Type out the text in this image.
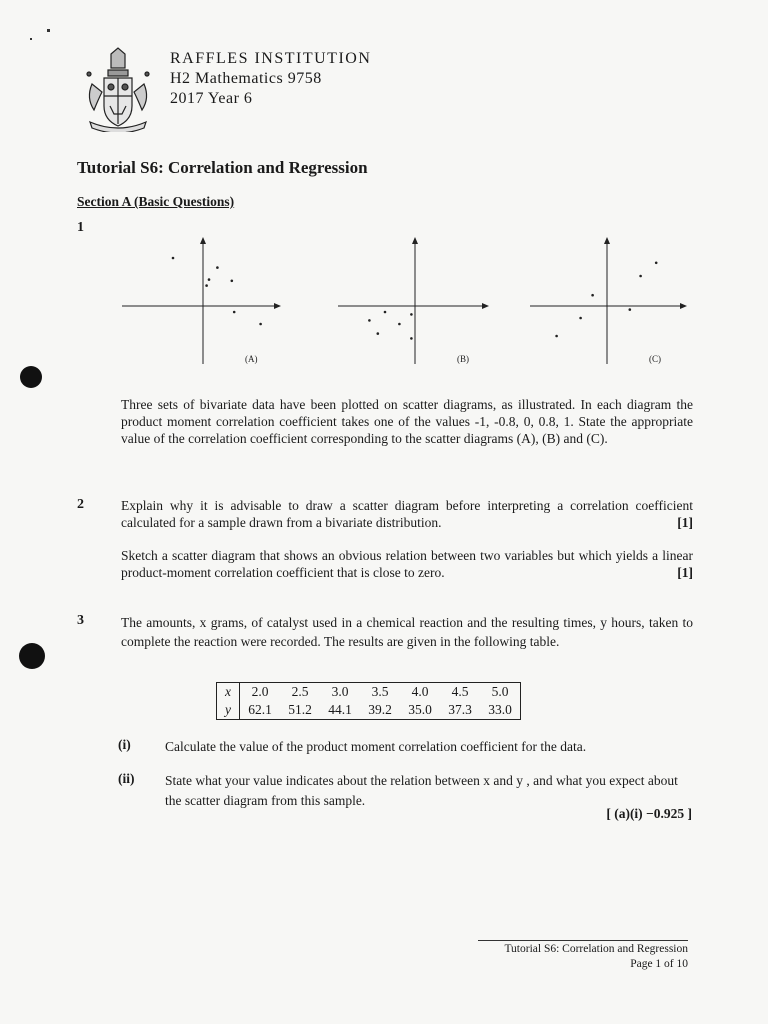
RAFFLES INSTITUTION
H2 Mathematics 9758
2017 Year 6
Tutorial S6: Correlation and Regression
Section A (Basic Questions)
1
(A)	(B)	(C)
Three sets of bivariate data have been plotted on scatter diagrams, as illustrated. In each diagram the product moment correlation coefficient takes one of the values -1, -0.8, 0, 0.8, 1. State the appropriate value of the correlation coefficient corresponding to the scatter diagrams (A), (B) and (C).
2	Explain why it is advisable to draw a scatter diagram before interpreting a correlation coefficient calculated for a sample drawn from a bivariate distribution.	[1]
Sketch a scatter diagram that shows an obvious relation between two variables but which yields a linear product-moment correlation coefficient that is close to zero.	[1]
3	The amounts, x grams, of catalyst used in a chemical reaction and the resulting times, y hours, taken to complete the reaction were recorded. The results are given in the following table.
x	2.0	2.5	3.0	3.5	4.0	4.5	5.0
y	62.1	51.2	44.1	39.2	35.0	37.3	33.0
(i)	Calculate the value of the product moment correlation coefficient for the data.
(ii) State what your value indicates about the relation between x and y , and what you expect about the scatter diagram from this sample.
[ (a)(i) −0.925 ]
Tutorial S6: Correlation and Regression
Page 1 of 10
